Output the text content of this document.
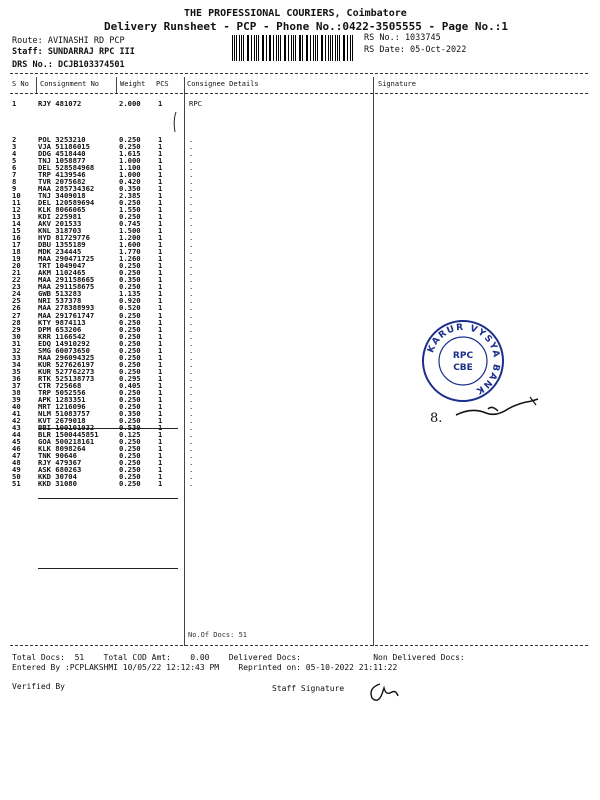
THE PROFESSIONAL COURIERS, Coimbatore
Delivery Runsheet - PCP - Phone No.:0422-3505555 - Page No.:1
Route: AVINASHI RD PCP
Staff: SUNDARRAJ RPC III
DRS No.: DCJB103374501
RS No.: 1033745
RS Date: 05-Oct-2022
S No Consignment No	Weight PCS	Consignee Details	Signature
1	RJY 481072	2.000 1	RPC
2	POL 3253210	0.250 1	.
3	VJA 51186015	0.250 1	.
4	DDG 4518440	1.615 1	.
5	TNJ 1058877	1.000 1	.
6	DEL 528584968	1.100 1	.
7	TRP 4139546	1.000 1	.
8	TVR 2075682	0.420 1	.
9	MAA 285734362	0.350 1	.
10 TNJ 3409018	2.385 1	.
11 DEL 120589694	0.250 1	.
12 KLK 8066065	1.550 1	.
13 KDI 225981	0.250 1	.
14 AKV 201533	0.745 1	.
15 KNL 318703	1.500 1	.
16 HYD 81729776	1.200 1	.
17 DBU 1355189	1.600 1	.
18 MDK 234445	1.770 1	.
19 MAA 290471725	1.260 1	.
20 TRT 1049047	0.250 1	.
21 AKM 1102465	0.250 1	.
22 MAA 291158665	0.350 1	.
23 MAA 291158675	0.250 1	.
24 GWB 513283	1.135 1	.
25 NRI 537378	0.920 1	.
26 MAA 278388993	0.520 1	.
27 MAA 291761747	0.250 1	.
28 KTY 9874113	0.250 1	.
29 DPM 653206	0.250 1	.
30 KRR 1166542	0.250 1	.
31 EDQ 14910292	0.250 1	.
32 SMG 60073650	0.250 1	.
33 MAA 296094325	0.250 1	.
34 KUR 527626197	0.250 1	.
35 KUR 527762273	0.250 1	.
36 RTK 525138773	0.295 1	.
37 CTR 725668	0.405 1	.
38 TRP 5052556	0.250 1	.
39 APK 1283351	0.250 1	.
40 MRT 1216096	0.250 1	.
41 NLM 51083757	0.350 1	.
42 KVT 2679018	0.250 1	.
43 BBI 100101032	0.530 1	.
44 BLR 1500445851	0.125 1	.
45 GOA 500218161	0.250 1	.
46 KLK 8098264	0.250 1	.
47 TNK 90646	0.250 1	.
48 RJY 479367	0.250 1	.
49 ASK 680263	0.250 1	.
50 KKD 30704	0.250 1	.
51 KKD 31080	0.250 1	.
No.Of Docs: 51
Total Docs:  51    Total COD Amt:    0.00    Delivered Docs:               Non Delivered Docs:
Entered By :PCPLAKSHMI 10/05/22 12:12:43 PM    Reprinted on: 05-10-2022 21:11:22
Verified By	Staff Signature
KARUR VYSYA BANK
RPC
CBE
8.
